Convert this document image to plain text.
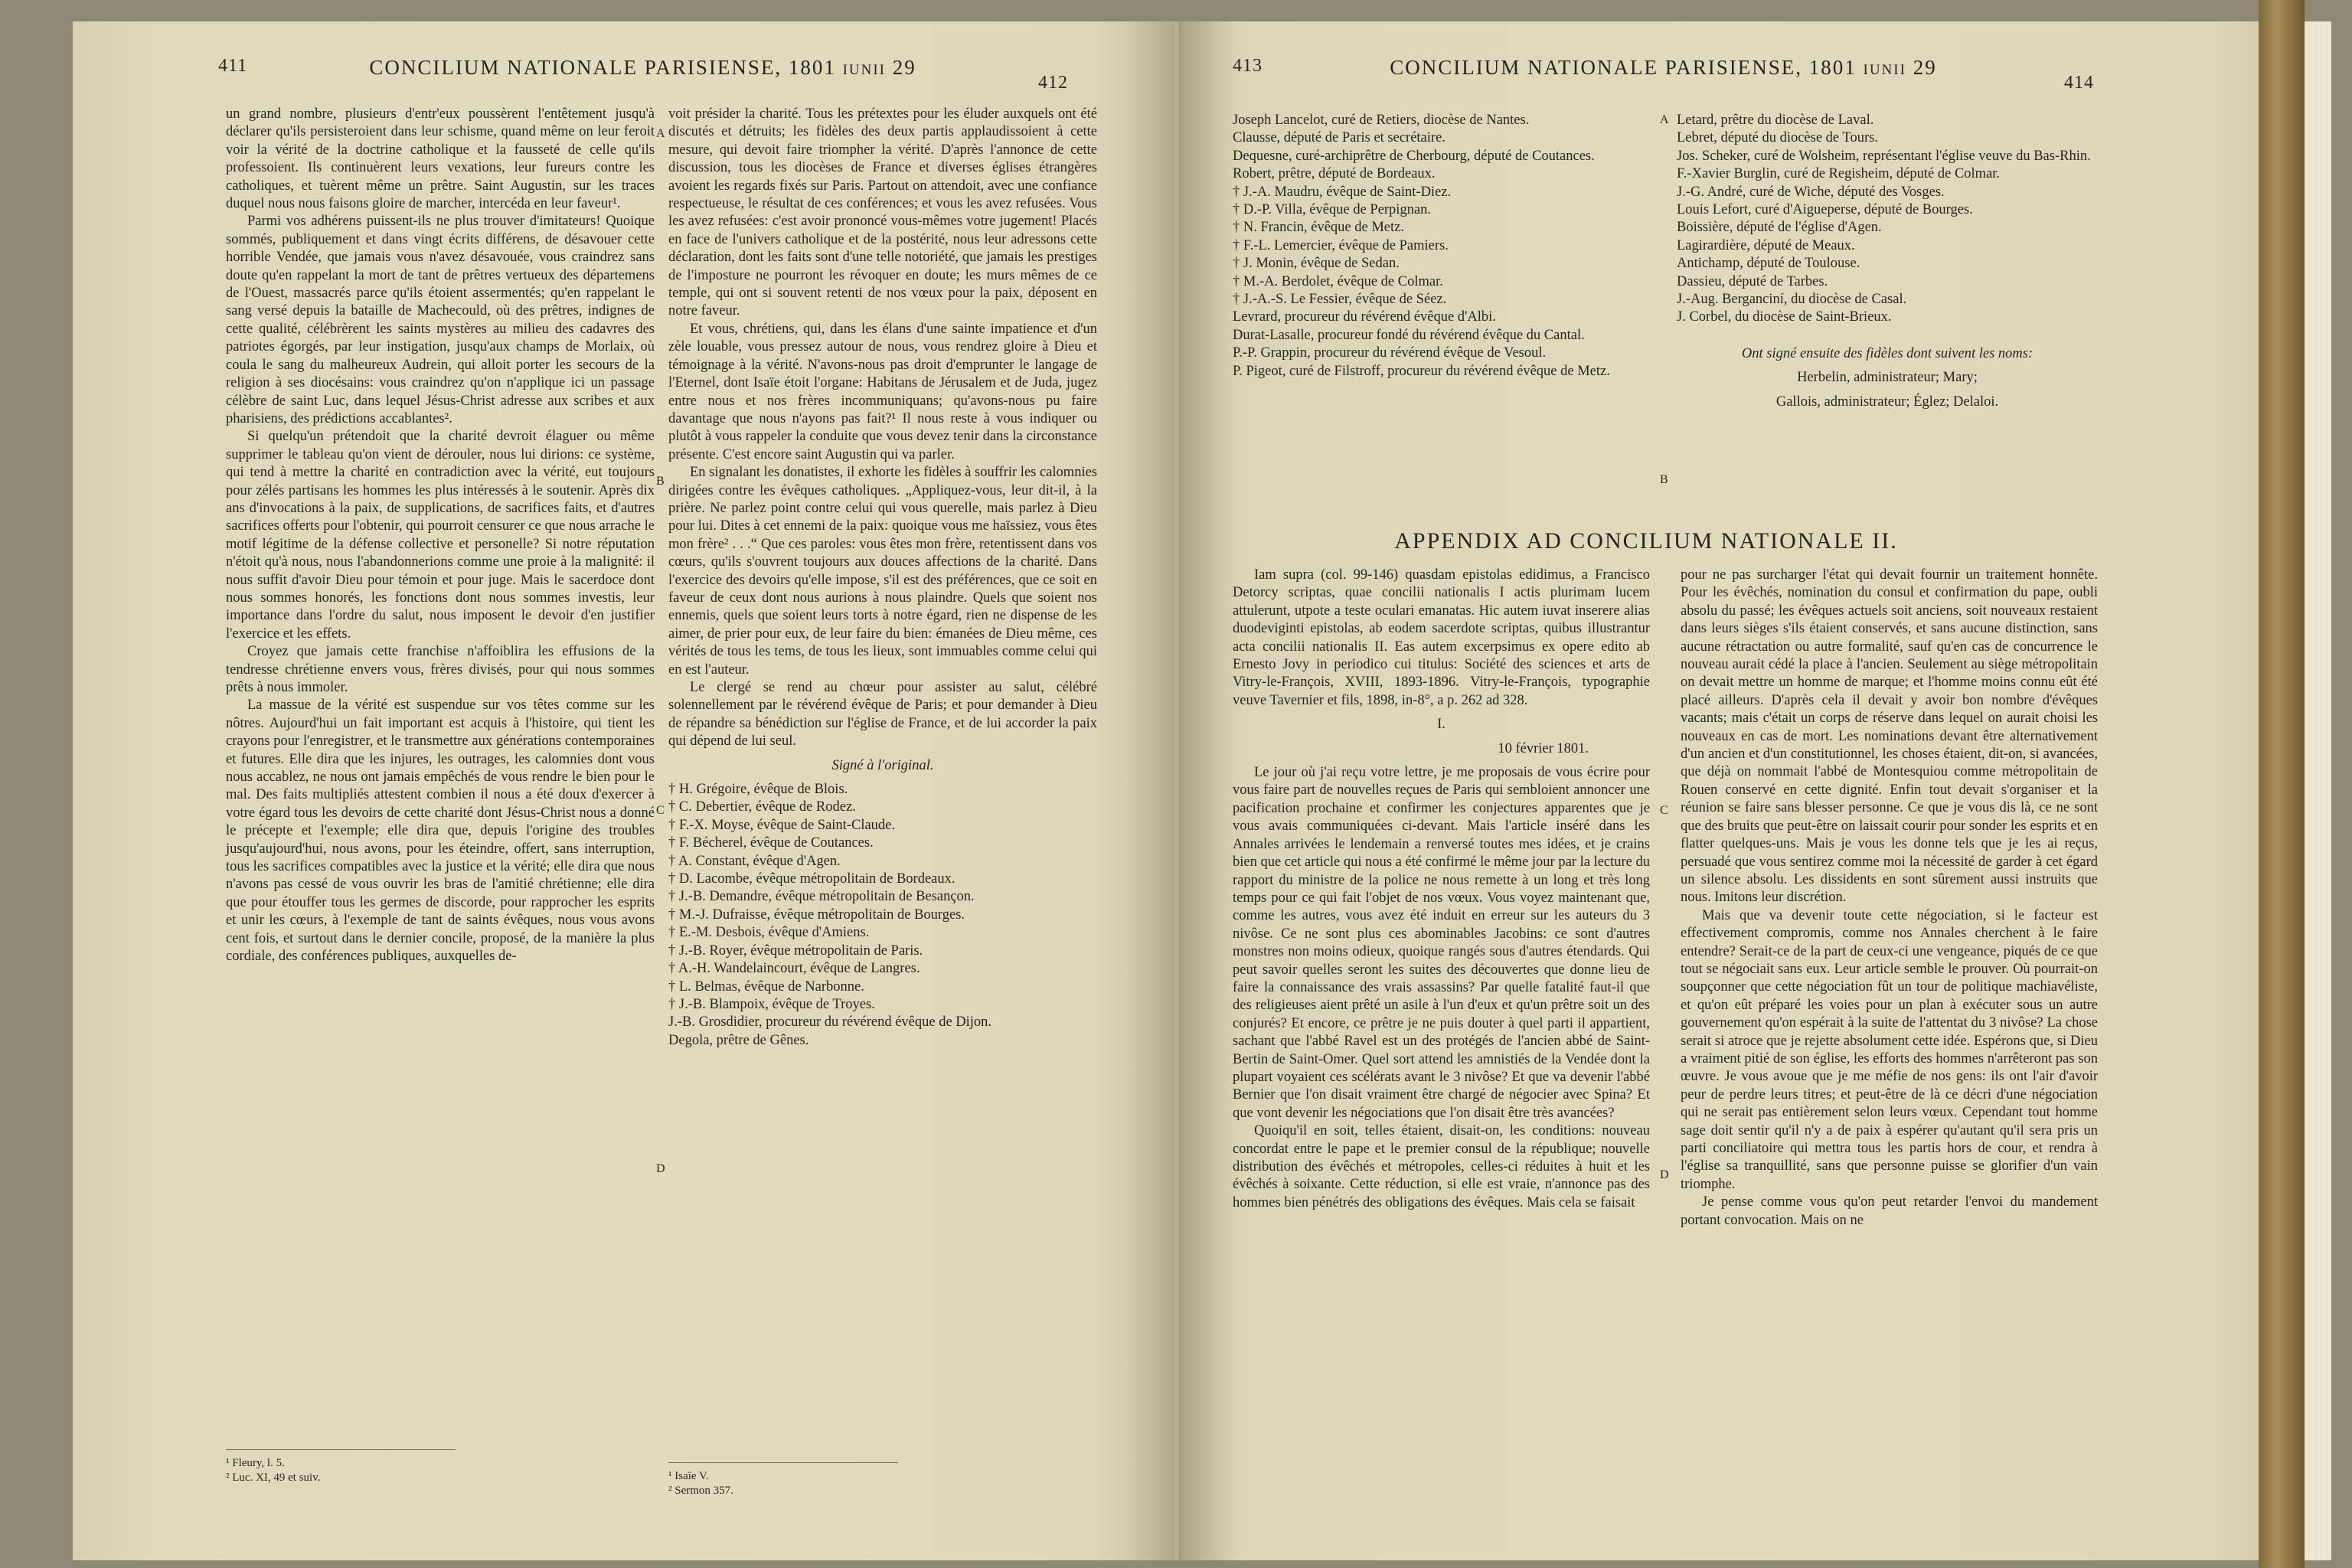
411	CONCILIUM NATIONALE PARISIENSE, 1801 iunii 29
412

un grand nombre, plusieurs d'entr'eux poussèrent l'entêtement jusqu'à déclarer qu'ils persisteroient dans leur schisme, quand même on leur feroit voir la vérité de la doctrine catholique et la fausseté de celle qu'ils professoient. Ils continuèrent leurs vexations, leur fureurs contre les catholiques, et tuèrent même un prêtre. Saint Augustin, sur les traces duquel nous nous faisons gloire de marcher, intercéda en leur faveur¹.

Parmi vos adhérens puissent-ils ne plus trouver d'imitateurs! Quoique sommés, publiquement et dans vingt écrits différens, de désavouer cette horrible Vendée, que jamais vous n'avez désavouée, vous craindrez sans doute qu'en rappelant la mort de tant de prêtres vertueux des départemens de l'Ouest, massacrés parce qu'ils étoient assermentés; qu'en rappelant le sang versé depuis la bataille de Machecould, où des prêtres, indignes de cette qualité, célébrèrent les saints mystères au milieu des cadavres des patriotes égorgés, par leur instigation, jusqu'aux champs de Morlaix, où coula le sang du malheureux Audrein, qui alloit porter les secours de la religion à ses diocésains: vous craindrez qu'on n'applique ici un passage célèbre de saint Luc, dans lequel Jésus-Christ adresse aux scribes et aux pharisiens, des prédictions accablantes².

Si quelqu'un prétendoit que la charité devroit élaguer ou même supprimer le tableau qu'on vient de dérouler, nous lui dirions: ce système, qui tend à mettre la charité en contradiction avec la vérité, eut toujours pour zélés partisans les hommes les plus intéressés à le soutenir. Après dix ans d'invocations à la paix, de supplications, de sacrifices faits, et d'autres sacrifices offerts pour l'obtenir, qui pourroit censurer ce que nous arrache le motif légitime de la défense collective et personelle? Si notre réputation n'étoit qu'à nous, nous l'abandonnerions comme une proie à la malignité: il nous suffit d'avoir Dieu pour témoin et pour juge. Mais le sacerdoce dont nous sommes honorés, les fonctions dont nous sommes investis, leur importance dans l'ordre du salut, nous imposent le devoir d'en justifier l'exercice et les effets.

Croyez que jamais cette franchise n'affoiblira les effusions de la tendresse chrétienne envers vous, frères divisés, pour qui nous sommes prêts à nous immoler.

La massue de la vérité est suspendue sur vos têtes comme sur les nôtres. Aujourd'hui un fait important est acquis à l'histoire, qui tient les crayons pour l'enregistrer, et le transmettre aux générations contemporaines et futures. Elle dira que les injures, les outrages, les calomnies dont vous nous accablez, ne nous ont jamais empêchés de vous rendre le bien pour le mal. Des faits multipliés attestent combien il nous a été doux d'exercer à votre égard tous les devoirs de cette charité dont Jésus-Christ nous a donné le précepte et l'exemple; elle dira que, depuis l'origine des troubles jusqu'aujourd'hui, nous avons, pour les éteindre, offert, sans interruption, tous les sacrifices compatibles avec la justice et la vérité; elle dira que nous n'avons pas cessé de vous ouvrir les bras de l'amitié chrétienne; elle dira que pour étouffer tous les germes de discorde, pour rapprocher les esprits et unir les cœurs, à l'exemple de tant de saints évêques, nous vous avons cent fois, et surtout dans le dernier concile, proposé, de la manière la plus cordiale, des conférences publiques, auxquelles de-

¹ Fleury, l. 5.
² Luc. XI, 49 et suiv.
A
B
C
D

voit présider la charité. Tous les prétextes pour les éluder auxquels ont été discutés et détruits; les fidèles des deux partis applaudissoient à cette mesure, qui devoit faire triompher la vérité. D'après l'annonce de cette discussion, tous les diocèses de France et diverses églises étrangères avoient les regards fixés sur Paris. Partout on attendoit, avec une confiance respectueuse, le résultat de ces conférences; et vous les avez refusées. Vous les avez refusées: c'est avoir prononcé vous-mêmes votre jugement! Placés en face de l'univers catholique et de la postérité, nous leur adressons cette déclaration, dont les faits sont d'une telle notoriété, que jamais les prestiges de l'imposture ne pourront les révoquer en doute; les murs mêmes de ce temple, qui ont si souvent retenti de nos vœux pour la paix, déposent en notre faveur.

Et vous, chrétiens, qui, dans les élans d'une sainte impatience et d'un zèle louable, vous pressez autour de nous, vous rendrez gloire à Dieu et témoignage à la vérité. N'avons-nous pas droit d'emprunter le langage de l'Eternel, dont Isaïe étoit l'organe: Habitans de Jérusalem et de Juda, jugez entre nous et nos frères incommuniquans; qu'avons-nous pu faire davantage que nous n'ayons pas fait?¹ Il nous reste à vous indiquer ou plutôt à vous rappeler la conduite que vous devez tenir dans la circonstance présente. C'est encore saint Augustin qui va parler.

En signalant les donatistes, il exhorte les fidèles à souffrir les calomnies dirigées contre les évêques catholiques. „Appliquez-vous, leur dit-il, à la prière. Ne parlez point contre celui qui vous querelle, mais parlez à Dieu pour lui. Dites à cet ennemi de la paix: quoique vous me haïssiez, vous êtes mon frère² . . .“ Que ces paroles: vous êtes mon frère, retentissent dans vos cœurs, qu'ils s'ouvrent toujours aux douces affections de la charité. Dans l'exercice des devoirs qu'elle impose, s'il est des préférences, que ce soit en faveur de ceux dont nous aurions à nous plaindre. Quels que soient nos ennemis, quels que soient leurs torts à notre égard, rien ne dispense de les aimer, de prier pour eux, de leur faire du bien: émanées de Dieu même, ces vérités de tous les tems, de tous les lieux, sont immuables comme celui qui en est l'auteur.

Le clergé se rend au chœur pour assister au salut, célébré solennellement par le révérend évêque de Paris; et pour demander à Dieu de répandre sa bénédiction sur l'église de France, et de lui accorder la paix qui dépend de lui seul.

Signé à l'original.

† H. Grégoire, évêque de Blois.

† C. Debertier, évêque de Rodez.

† F.-X. Moyse, évêque de Saint-Claude.

† F. Bécherel, évêque de Coutances.

† A. Constant, évêque d'Agen.

† D. Lacombe, évêque métropolitain de Bordeaux.

† J.-B. Demandre, évêque métropolitain de Besançon.

† M.-J. Dufraisse, évêque métropolitain de Bourges.

† E.-M. Desbois, évêque d'Amiens.

† J.-B. Royer, évêque métropolitain de Paris.

† A.-H. Wandelaincourt, évêque de Langres.

† L. Belmas, évêque de Narbonne.

† J.-B. Blampoix, évêque de Troyes.

J.-B. Grosdidier, procureur du révérend évêque de Dijon.

Degola, prêtre de Gênes.

¹ Isaïe V.
² Sermon 357.
413	CONCILIUM NATIONALE PARISIENSE, 1801 iunii 29
414

Joseph Lancelot, curé de Retiers, diocèse de Nantes.

Clausse, député de Paris et secrétaire.

Dequesne, curé-archiprêtre de Cherbourg, député de Coutances.

Robert, prêtre, député de Bordeaux.

† J.-A. Maudru, évêque de Saint-Diez.

† D.-P. Villa, évêque de Perpignan.

† N. Francin, évêque de Metz.

† F.-L. Lemercier, évêque de Pamiers.

† J. Monin, évêque de Sedan.

† M.-A. Berdolet, évêque de Colmar.

† J.-A.-S. Le Fessier, évêque de Séez.

Levrard, procureur du révérend évêque d'Albi.

Durat-Lasalle, procureur fondé du révérend évêque du Cantal.

P.-P. Grappin, procureur du révérend évêque de Vesoul.

P. Pigeot, curé de Filstroff, procureur du révérend évêque de Metz.

Letard, prêtre du diocèse de Laval.

Lebret, député du diocèse de Tours.

Jos. Scheker, curé de Wolsheim, représentant l'église veuve du Bas-Rhin.

F.-Xavier Burglin, curé de Regisheim, député de Colmar.

J.-G. André, curé de Wiche, député des Vosges.

Louis Lefort, curé d'Aigueperse, député de Bourges.

Boissière, député de l'église d'Agen.

Lagirardière, député de Meaux.

Antichamp, député de Toulouse.

Dassieu, député de Tarbes.

J.-Aug. Berganciní, du diocèse de Casal.

J. Corbel, du diocèse de Saint-Brieux.

Ont signé ensuite des fidèles dont suivent les noms:

Herbelin, administrateur; Mary;

Gallois, administrateur; Églez; Delaloi.

A
B
C
D
APPENDIX AD CONCILIUM NATIONALE II.

Iam supra (col. 99-146) quasdam epistolas edidimus, a Francisco Detorcy scriptas, quae concilii nationalis I actis plurimam lucem attulerunt, utpote a teste oculari emanatas. Hic autem iuvat inserere alias duodeviginti epistolas, ab eodem sacerdote scriptas, quibus illustrantur acta concilii nationalis II. Eas autem excerpsimus ex opere edito ab Ernesto Jovy in periodico cui titulus: Société des sciences et arts de Vitry-le-François, XVIII, 1893-1896. Vitry-le-François, typographie veuve Tavernier et fils, 1898, in-8°, a p. 262 ad 328.

I.

10 février 1801.

Le jour où j'ai reçu votre lettre, je me proposais de vous écrire pour vous faire part de nouvelles reçues de Paris qui sembloient annoncer une pacification prochaine et confirmer les conjectures apparentes que je vous avais communiquées ci-devant. Mais l'article inséré dans les Annales arrivées le lendemain a renversé toutes mes idées, et je crains bien que cet article qui nous a été confirmé le même jour par la lecture du rapport du ministre de la police ne nous remette à un long et très long temps pour ce qui fait l'objet de nos vœux. Vous voyez maintenant que, comme les autres, vous avez été induit en erreur sur les auteurs du 3 nivôse. Ce ne sont plus ces abominables Jacobins: ce sont d'autres monstres non moins odieux, quoique rangés sous d'autres étendards. Qui peut savoir quelles seront les suites des découvertes que donne lieu de faire la connaissance des vrais assassins? Par quelle fatalité faut-il que des religieuses aient prêté un asile à l'un d'eux et qu'un prêtre soit un des conjurés? Et encore, ce prêtre je ne puis douter à quel parti il appartient, sachant que l'abbé Ravel est un des protégés de l'ancien abbé de Saint-Bertin de Saint-Omer. Quel sort attend les amnistiés de la Vendée dont la plupart voyaient ces scélérats avant le 3 nivôse? Et que va devenir l'abbé Bernier que l'on disait vraiment être chargé de négocier avec Spina? Et que vont devenir les négociations que l'on disait être très avancées?

Quoiqu'il en soit, telles étaient, disait-on, les conditions: nouveau concordat entre le pape et le premier consul de la république; nouvelle distribution des évêchés et métropoles, celles-ci réduites à huit et les évêchés à soixante. Cette réduction, si elle est vraie, n'annonce pas des hommes bien pénétrés des obligations des évêques. Mais cela se faisait

pour ne pas surcharger l'état qui devait fournir un traitement honnête. Pour les évêchés, nomination du consul et confirmation du pape, oubli absolu du passé; les évêques actuels soit anciens, soit nouveaux restaient dans leurs sièges s'ils étaient conservés, et sans aucune distinction, sans aucune rétractation ou autre formalité, sauf qu'en cas de concurrence le nouveau aurait cédé la place à l'ancien. Seulement au siège métropolitain on devait mettre un homme de marque; et l'homme moins connu eût été placé ailleurs. D'après cela il devait y avoir bon nombre d'évêques vacants; mais c'était un corps de réserve dans lequel on aurait choisi les nouveaux en cas de mort. Les nominations devant être alternativement d'un ancien et d'un constitutionnel, les choses étaient, dit-on, si avancées, que déjà on nommait l'abbé de Montesquiou comme métropolitain de Rouen conservé en cette dignité. Enfin tout devait s'organiser et la réunion se faire sans blesser personne. Ce que je vous dis là, ce ne sont que des bruits que peut-être on laissait courir pour sonder les esprits et en flatter quelques-uns. Mais je vous les donne tels que je les ai reçus, persuadé que vous sentirez comme moi la nécessité de garder à cet égard un silence absolu. Les dissidents en sont sûrement aussi instruits que nous. Imitons leur discrétion.

Mais que va devenir toute cette négociation, si le facteur est effectivement compromis, comme nos Annales cherchent à le faire entendre? Serait-ce de la part de ceux-ci une vengeance, piqués de ce que tout se négociait sans eux. Leur article semble le prouver. Où pourrait-on soupçonner que cette négociation fût un tour de politique machiavéliste, et qu'on eût préparé les voies pour un plan à exécuter sous un autre gouvernement qu'on espérait à la suite de l'attentat du 3 nivôse? La chose serait si atroce que je rejette absolument cette idée. Espérons que, si Dieu a vraiment pitié de son église, les efforts des hommes n'arrêteront pas son œuvre. Je vous avoue que je me méfie de nos gens: ils ont l'air d'avoir peur de perdre leurs titres; et peut-être de là ce décri d'une négociation qui ne serait pas entièrement selon leurs vœux. Cependant tout homme sage doit sentir qu'il n'y a de paix à espérer qu'autant qu'il sera pris un parti conciliatoire qui mettra tous les partis hors de cour, et rendra à l'église sa tranquillité, sans que personne puisse se glorifier d'un vain triomphe.

Je pense comme vous qu'on peut retarder l'envoi du mandement portant convocation. Mais on ne
